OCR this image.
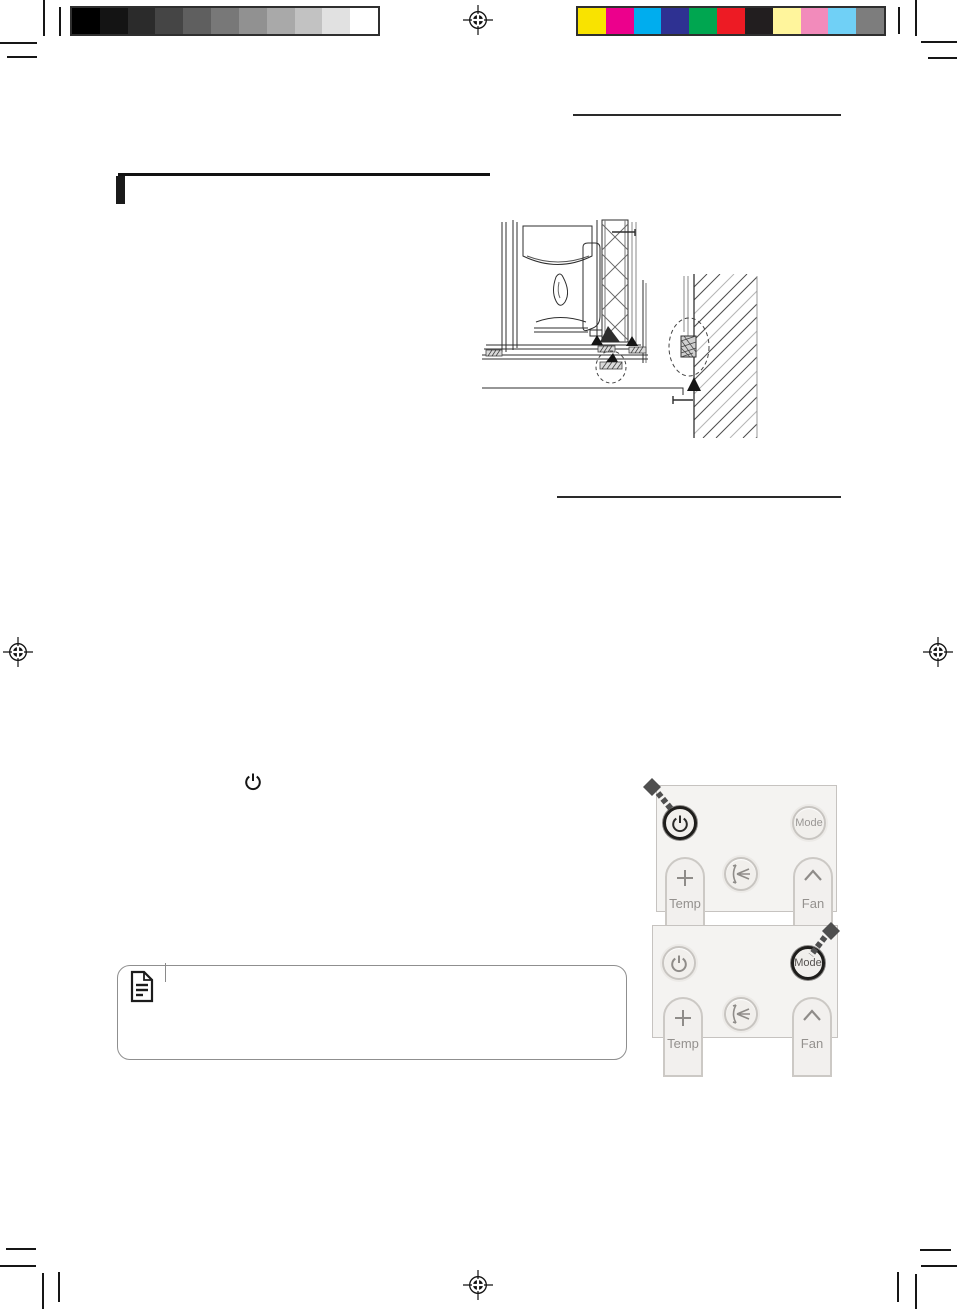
Mode
Temp	Fan
Mode
Temp	Fan
